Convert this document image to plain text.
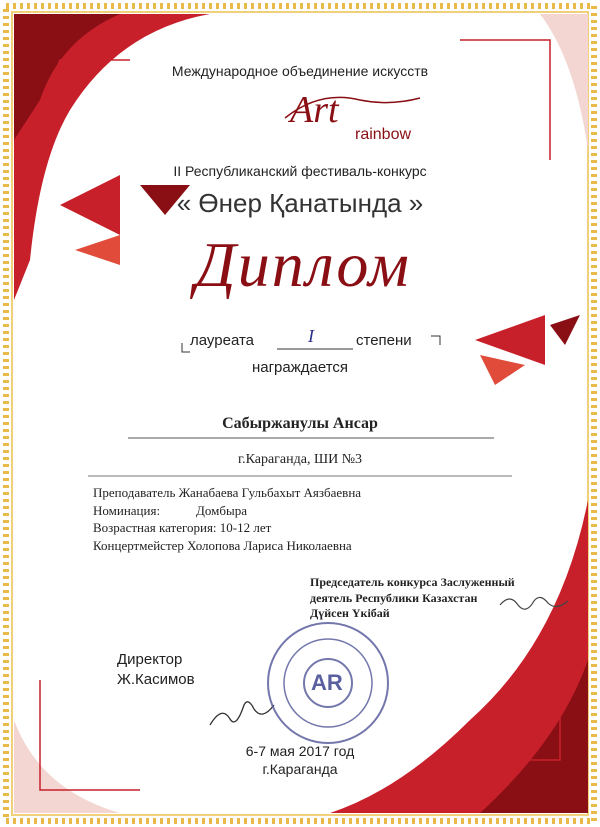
Международное объединение искусств
Art
rainbow
II Республиканский фестиваль-конкурс
« Өнер Қанатында »
Диплом
лауреата	I	степени
награждается
Сабыржанулы Ансар
г.Караганда, ШИ №3
Преподаватель Жанабаева Гульбахыт Аязбаевна
Номинация:	Домбыра
Возрастная категория: 10-12 лет
Концертмейстер Холопова Лариса Николаевна
Председатель конкурса Заслуженный
деятель Республики Казахстан
Дүйсен Үкібай
Директор
Ж.Касимов	AR
6-7 мая 2017 год
г.Караганда
